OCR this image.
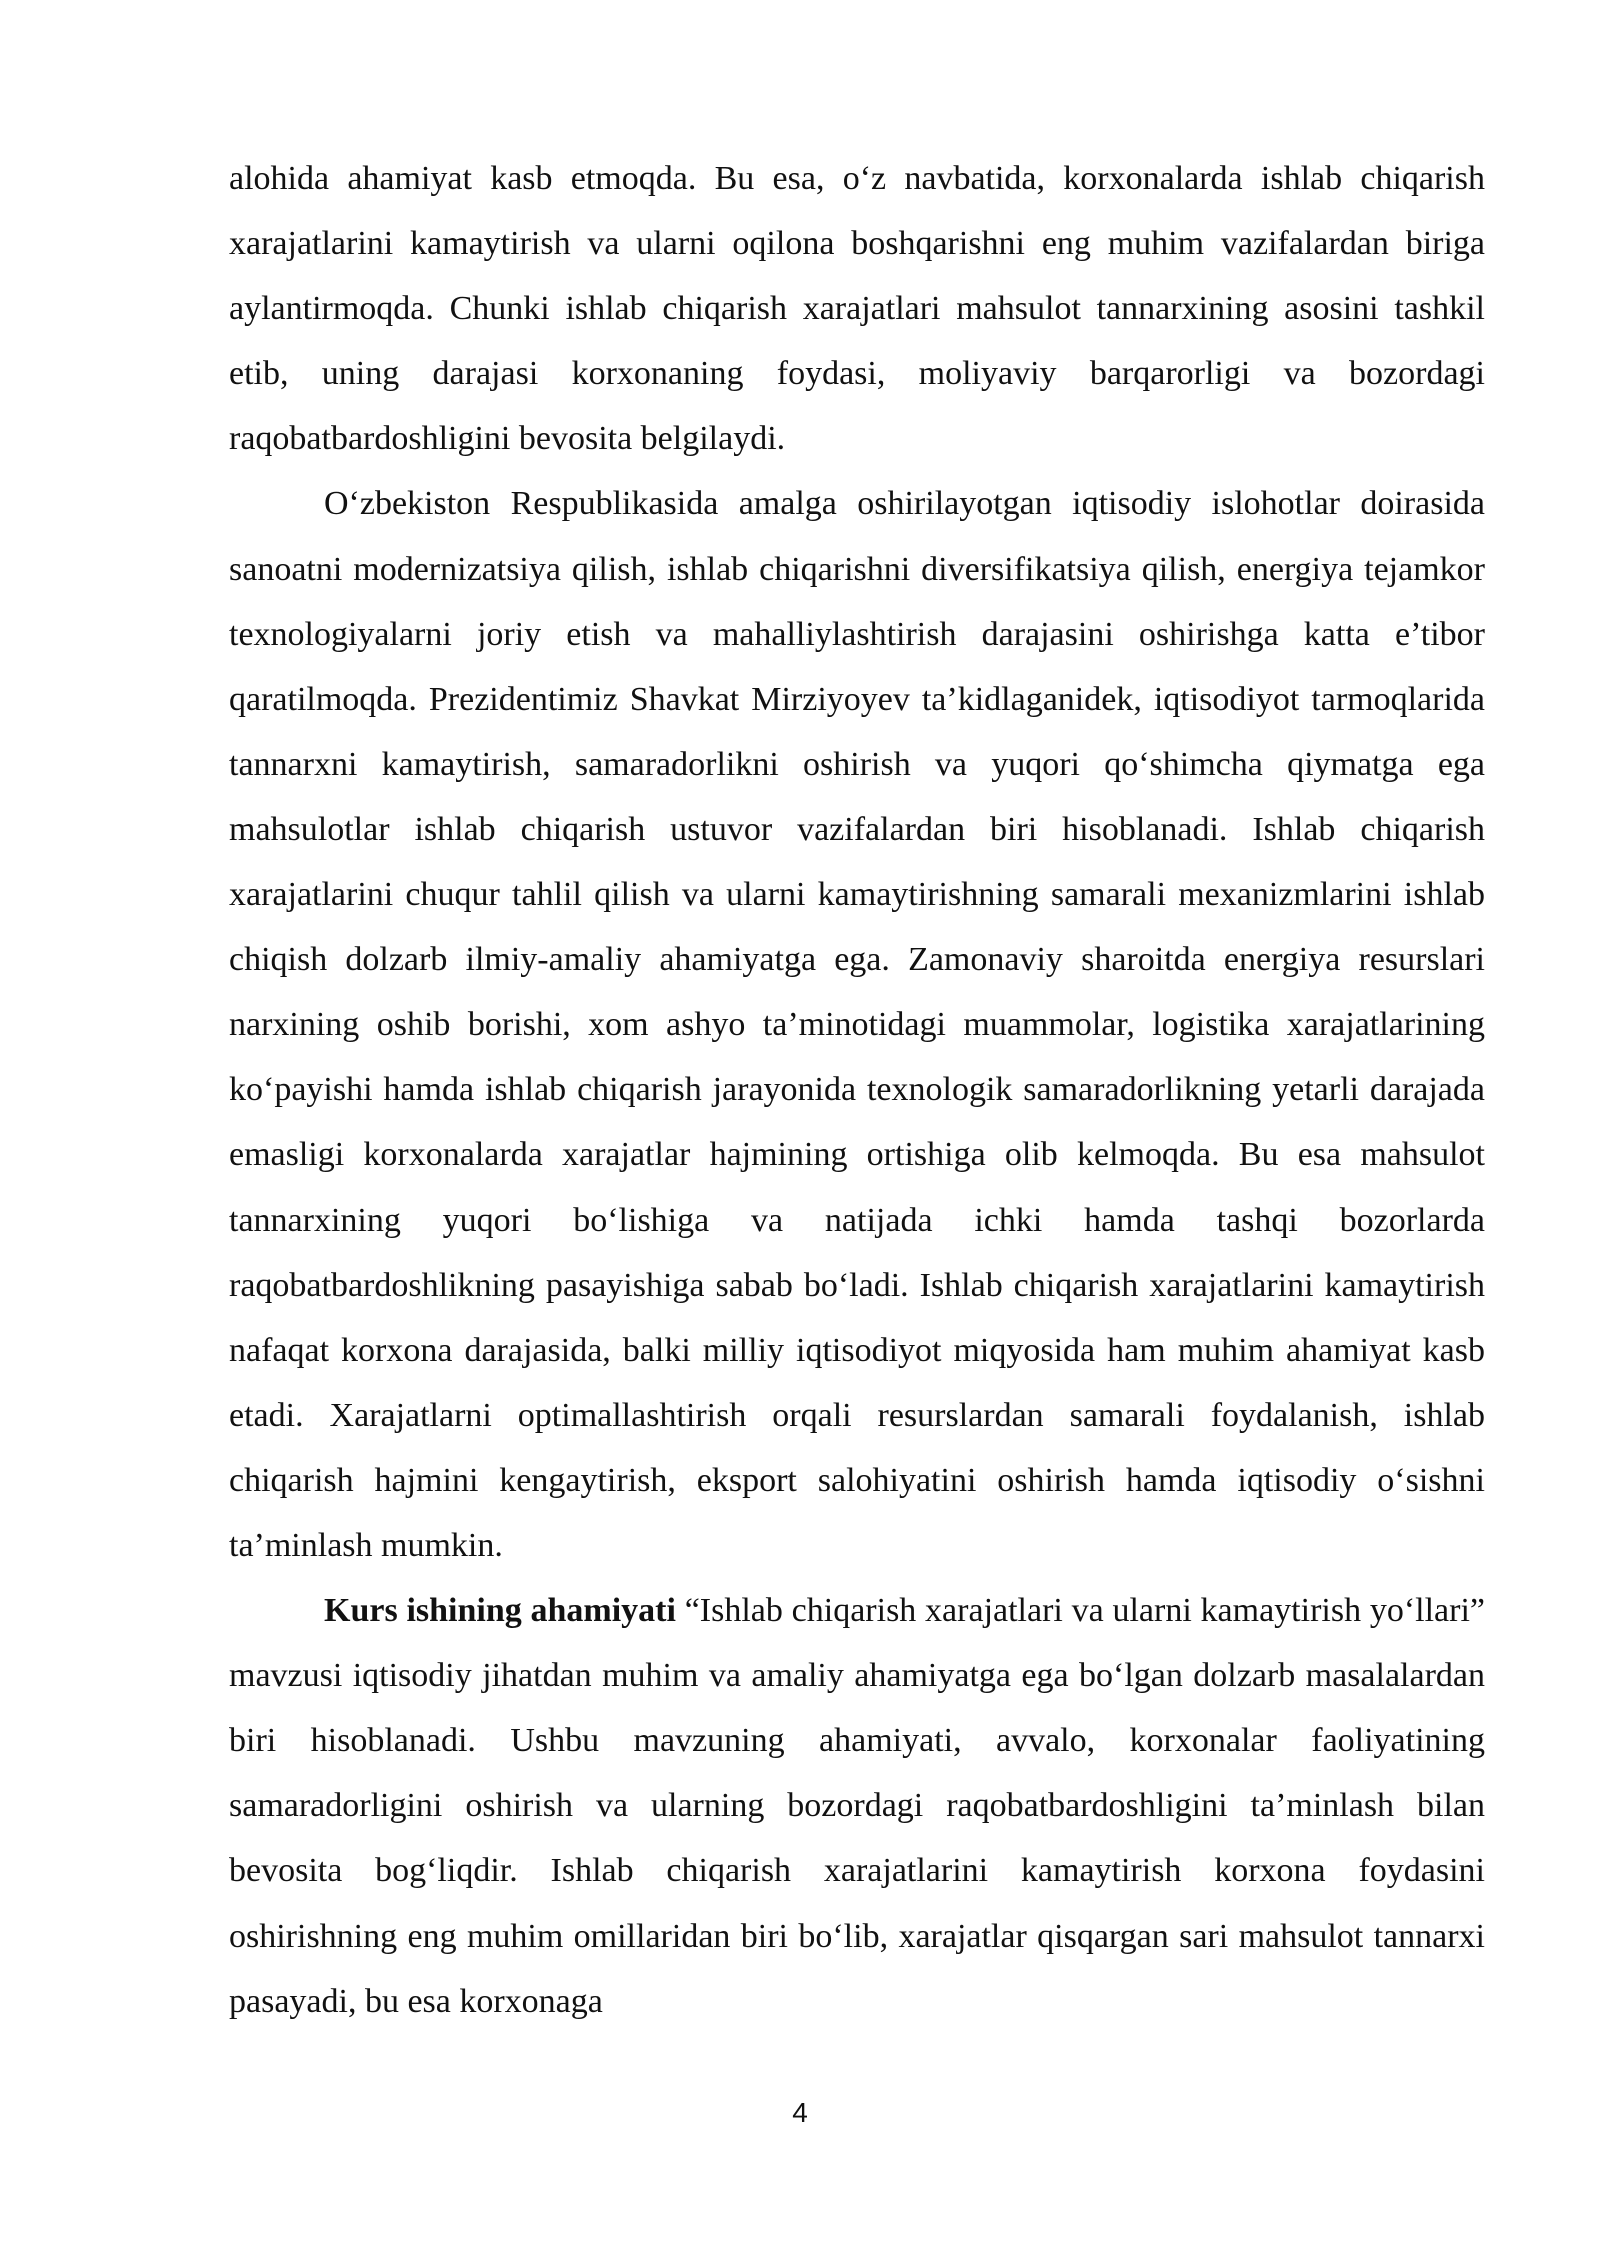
alohida ahamiyat kasb etmoqda. Bu esa, o‘z navbatida, korxonalarda ishlab chiqarish xarajatlarini kamaytirish va ularni oqilona boshqarishni eng muhim vazifalardan biriga aylantirmoqda. Chunki ishlab chiqarish xarajatlari mahsulot tannarxining asosini tashkil etib, uning darajasi korxonaning foydasi, moliyaviy barqarorligi va bozordagi raqobatbardoshligini bevosita belgilaydi.

O‘zbekiston Respublikasida amalga oshirilayotgan iqtisodiy islohotlar doirasida sanoatni modernizatsiya qilish, ishlab chiqarishni diversifikatsiya qilish, energiya tejamkor texnologiyalarni joriy etish va mahalliylashtirish darajasini oshirishga katta e’tibor qaratilmoqda. Prezidentimiz Shavkat Mirziyoyev ta’kidlaganidek, iqtisodiyot tarmoqlarida tannarxni kamaytirish, samaradorlikni oshirish va yuqori qo‘shimcha qiymatga ega mahsulotlar ishlab chiqarish ustuvor vazifalardan biri hisoblanadi. Ishlab chiqarish xarajatlarini chuqur tahlil qilish va ularni kamaytirishning samarali mexanizmlarini ishlab chiqish dolzarb ilmiy-amaliy ahamiyatga ega. Zamonaviy sharoitda energiya resurslari narxining oshib borishi, xom ashyo ta’minotidagi muammolar, logistika xarajatlarining ko‘payishi hamda ishlab chiqarish jarayonida texnologik samaradorlikning yetarli darajada emasligi korxonalarda xarajatlar hajmining ortishiga olib kelmoqda. Bu esa mahsulot tannarxining yuqori bo‘lishiga va natijada ichki hamda tashqi bozorlarda raqobatbardoshlikning pasayishiga sabab bo‘ladi. Ishlab chiqarish xarajatlarini kamaytirish nafaqat korxona darajasida, balki milliy iqtisodiyot miqyosida ham muhim ahamiyat kasb etadi. Xarajatlarni optimallashtirish orqali resurslardan samarali foydalanish, ishlab chiqarish hajmini kengaytirish, eksport salohiyatini oshirish hamda iqtisodiy o‘sishni ta’minlash mumkin.

Kurs ishining ahamiyati “Ishlab chiqarish xarajatlari va ularni kamaytirish yo‘llari” mavzusi iqtisodiy jihatdan muhim va amaliy ahamiyatga ega bo‘lgan dolzarb masalalardan biri hisoblanadi. Ushbu mavzuning ahamiyati, avvalo, korxonalar faoliyatining samaradorligini oshirish va ularning bozordagi raqobatbardoshligini ta’minlash bilan bevosita bog‘liqdir. Ishlab chiqarish xarajatlarini kamaytirish korxona foydasini oshirishning eng muhim omillaridan biri bo‘lib, xarajatlar qisqargan sari mahsulot tannarxi pasayadi, bu esa korxonaga

4
